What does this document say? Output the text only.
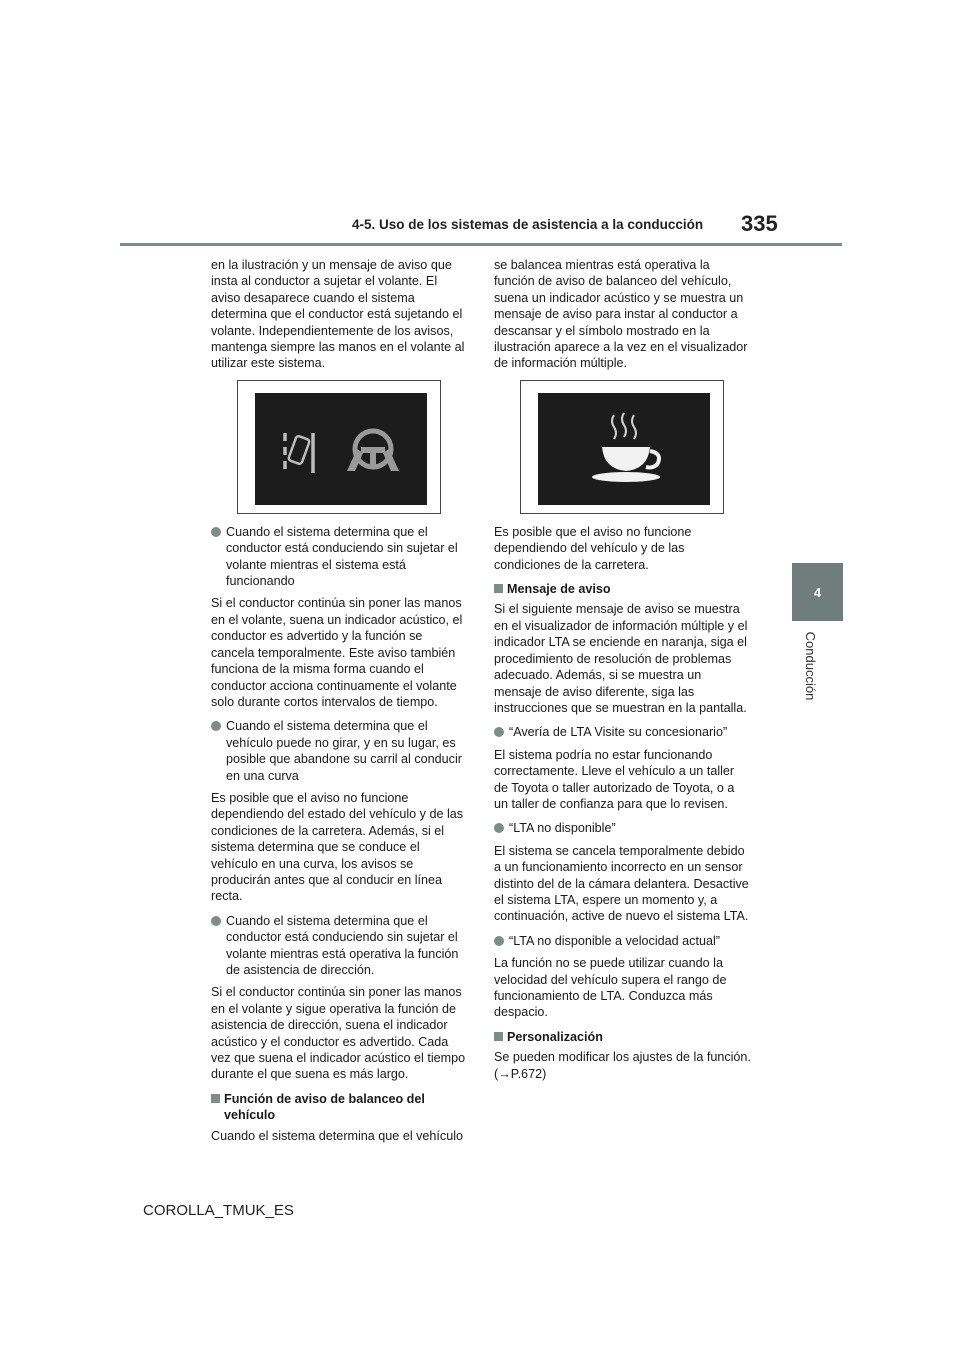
4-5. Uso de los sistemas de asistencia a la conducción 335
4
Conducción

en la ilustración y un mensaje de aviso que insta al conductor a sujetar el volante. El aviso desaparece cuando el sistema determina que el conductor está sujetando el volante. Independientemente de los avisos, mantenga siempre las manos en el volante al utilizar este sistema.

Cuando el sistema determina que el conductor está conduciendo sin sujetar el volante mientras el sistema está funcionando

Si el conductor continúa sin poner las manos en el volante, suena un indicador acústico, el conductor es advertido y la función se cancela temporalmente. Este aviso también funciona de la misma forma cuando el conductor acciona continuamente el volante solo durante cortos intervalos de tiempo.

Cuando el sistema determina que el vehículo puede no girar, y en su lugar, es posible que abandone su carril al conducir en una curva

Es posible que el aviso no funcione dependiendo del estado del vehículo y de las condiciones de la carretera. Además, si el sistema determina que se conduce el vehículo en una curva, los avisos se producirán antes que al conducir en línea recta.

Cuando el sistema determina que el conductor está conduciendo sin sujetar el volante mientras está operativa la función de asistencia de dirección.

Si el conductor continúa sin poner las manos en el volante y sigue operativa la función de asistencia de dirección, suena el indicador acústico y el conductor es advertido. Cada vez que suena el indicador acústico el tiempo durante el que suena es más largo.

Función de aviso de balanceo del vehículo

Cuando el sistema determina que el vehículo

se balancea mientras está operativa la función de aviso de balanceo del vehículo, suena un indicador acústico y se muestra un mensaje de aviso para instar al conductor a descansar y el símbolo mostrado en la ilustración aparece a la vez en el visualizador de información múltiple.

Es posible que el aviso no funcione dependiendo del vehículo y de las condiciones de la carretera.

Mensaje de aviso

Si el siguiente mensaje de aviso se muestra en el visualizador de información múltiple y el indicador LTA se enciende en naranja, siga el procedimiento de resolución de problemas adecuado. Además, si se muestra un mensaje de aviso diferente, siga las instrucciones que se muestran en la pantalla.

“Avería de LTA Visite su concesionario”

El sistema podría no estar funcionando correctamente. Lleve el vehículo a un taller de Toyota o taller autorizado de Toyota, o a un taller de confianza para que lo revisen.

“LTA no disponible”

El sistema se cancela temporalmente debido a un funcionamiento incorrecto en un sensor distinto del de la cámara delantera. Desactive el sistema LTA, espere un momento y, a continuación, active de nuevo el sistema LTA.

“LTA no disponible a velocidad actual”

La función no se puede utilizar cuando la velocidad del vehículo supera el rango de funcionamiento de LTA. Conduzca más despacio.

Personalización

Se pueden modificar los ajustes de la función. (→P.672)

COROLLA_TMUK_ES
